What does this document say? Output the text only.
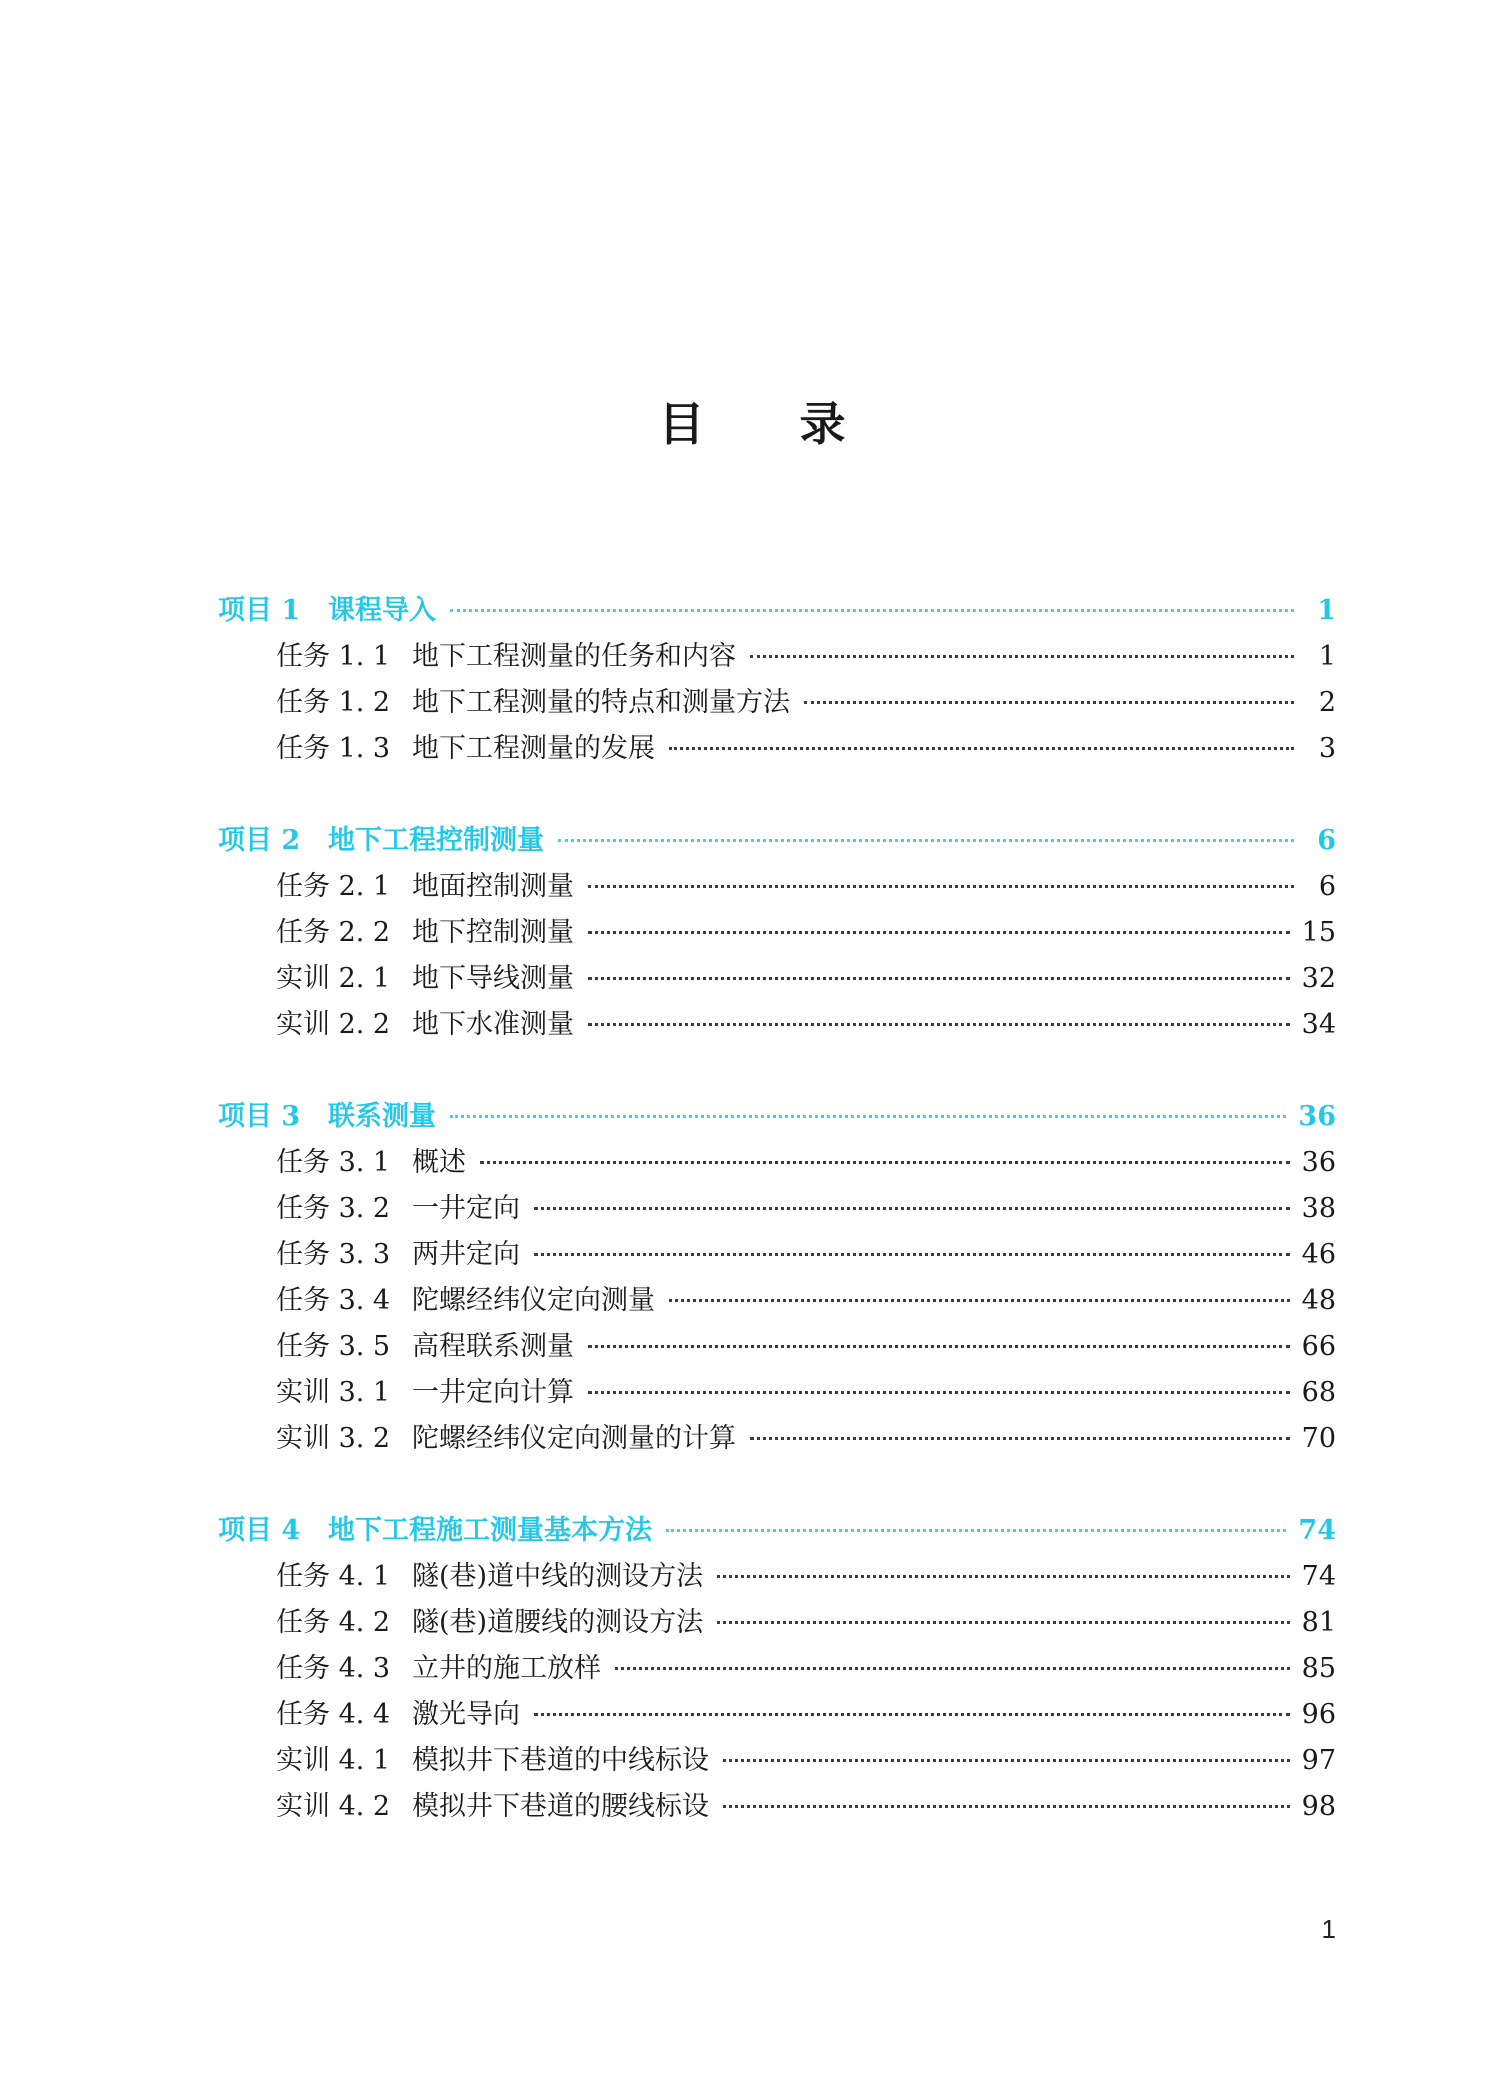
目 录
项目 1	课程导入	1
任务 1. 1 地下工程测量的任务和内容	1
任务 1. 2 地下工程测量的特点和测量方法	2
任务 1. 3 地下工程测量的发展	3
项目 2	地下工程控制测量	6
任务 2. 1 地面控制测量	6
任务 2. 2 地下控制测量	15
实训 2. 1 地下导线测量	32
实训 2. 2 地下水准测量	34
项目 3	联系测量	36
任务 3. 1 概述	36
任务 3. 2 一井定向	38
任务 3. 3 两井定向	46
任务 3. 4 陀螺经纬仪定向测量	48
任务 3. 5 高程联系测量	66
实训 3. 1 一井定向计算	68
实训 3. 2 陀螺经纬仪定向测量的计算	70
项目 4	地下工程施工测量基本方法	74
任务 4. 1 隧(巷)道中线的测设方法	74
任务 4. 2 隧(巷)道腰线的测设方法	81
任务 4. 3 立井的施工放样	85
任务 4. 4 激光导向	96
实训 4. 1 模拟井下巷道的中线标设	97
实训 4. 2 模拟井下巷道的腰线标设	98
1
